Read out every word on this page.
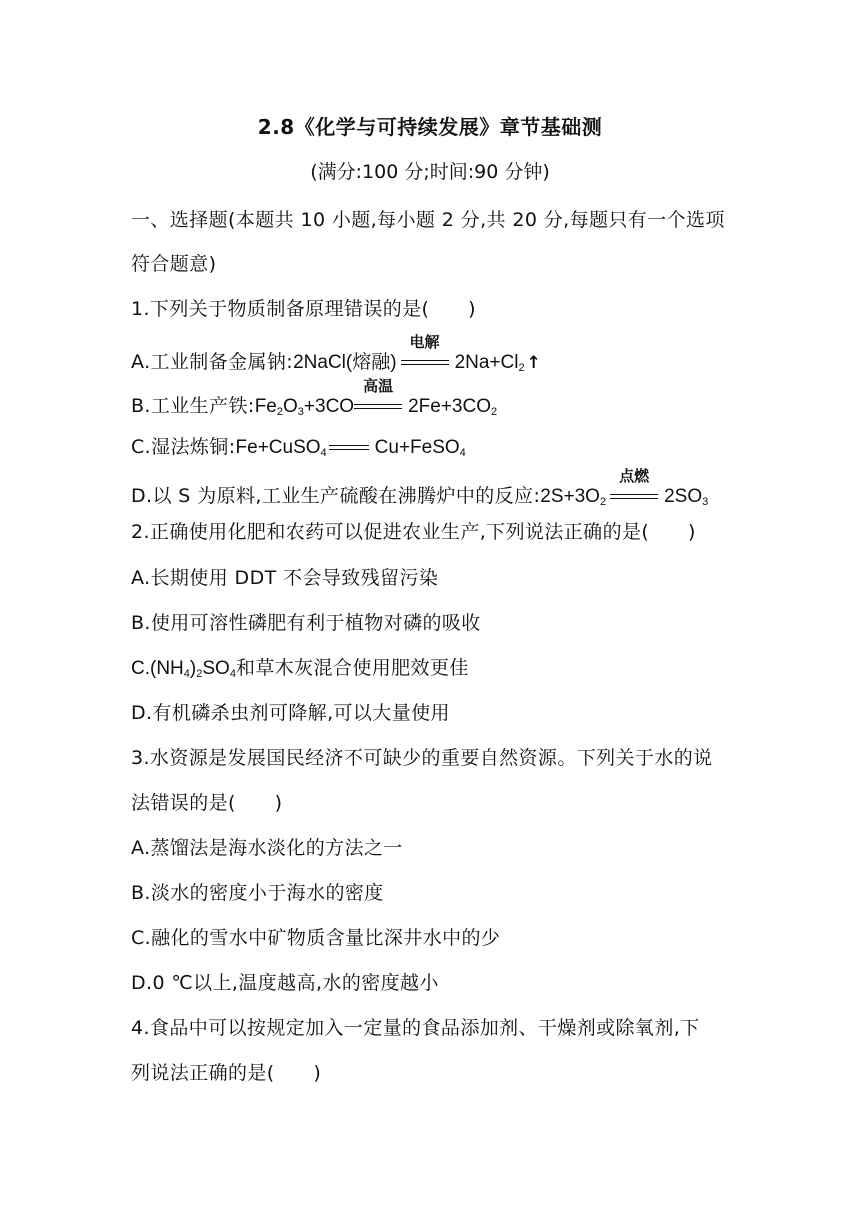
2.8《化学与可持续发展》章节基础测
(满分:100 分;时间:90 分钟)
一、选择题(本题共 10 小题,每小题 2 分,共 20 分,每题只有一个选项
符合题意)
1.下列关于物质制备原理错误的是(　　)
A.工业制备金属钠:2NaCl(熔融)
电解
$2Na+Cl_2$ ↑
B.工业生产铁$:Fe_2O_3+3CO$
高温
$2Fe+3CO_2$
C.湿法炼铜:Fe+CuSO$_4$	Cu+FeSO$_4$
D.以 S 为原料,工业生产硫酸在沸腾炉中的反应$:2S+3O_2$
点燃
$2SO_3$
2.正确使用化肥和农药可以促进农业生产,下列说法正确的是(　　)
A.长期使用 DDT 不会导致残留污染
B.使用可溶性磷肥有利于植物对磷的吸收
$C.(NH_4)_2SO_4$和草木灰混合使用肥效更佳
D.有机磷杀虫剂可降解,可以大量使用
3.水资源是发展国民经济不可缺少的重要自然资源。下列关于水的说
法错误的是(　　)
A.蒸馏法是海水淡化的方法之一
B.淡水的密度小于海水的密度
C.融化的雪水中矿物质含量比深井水中的少
D.0 ℃以上,温度越高,水的密度越小
4.食品中可以按规定加入一定量的食品添加剂、干燥剂或除氧剂,下
列说法正确的是(　　)
